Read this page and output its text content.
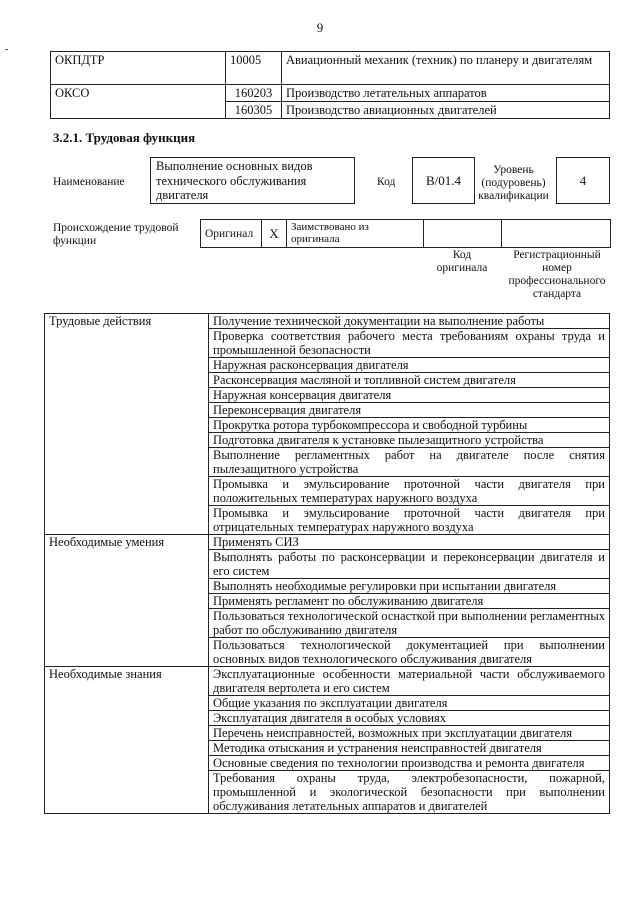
9
-
ОКПДТР	10005	Авиационный механик (техник) по планеру и двигателям
ОКСО	160203	Производство летательных аппаратов
	160305	Производство авиационных двигателей
3.2.1. Трудовая функция
Наименование
Выполнение основных видов технического обслуживания двигателя
Код B/01.4
Уровень (подуровень) квалификации
4
Происхождение трудовой функции
Оригинал	X	Заимствовано из оригинала		
Код оригинала
Регистрационный номер профессионального стандарта
Трудовые действия	Получение технической документации на выполнение работы
	Проверка соответствия рабочего места требованиям охраны труда и промышленной безопасности
	Наружная расконсервация двигателя
	Расконсервация масляной и топливной систем двигателя
	Наружная консервация двигателя
	Переконсервация двигателя
	Прокрутка ротора турбокомпрессора и свободной турбины
	Подготовка двигателя к установке пылезащитного устройства
	Выполнение регламентных работ на двигателе после снятия пылезащитного устройства
	Промывка и эмульсирование проточной части двигателя при положительных температурах наружного воздуха
	Промывка и эмульсирование проточной части двигателя при отрицательных температурах наружного воздуха
Необходимые умения	Применять СИЗ
	Выполнять работы по расконсервации и переконсервации двигателя и его систем
	Выполнять необходимые регулировки при испытании двигателя
	Применять регламент по обслуживанию двигателя
	Пользоваться технологической оснасткой при выполнении регламентных работ по обслуживанию двигателя
	Пользоваться технологической документацией при выполнении основных видов технологического обслуживания двигателя
Необходимые знания	Эксплуатационные особенности материальной части обслуживаемого двигателя вертолета и его систем
	Общие указания по эксплуатации двигателя
	Эксплуатация двигателя в особых условиях
	Перечень неисправностей, возможных при эксплуатации двигателя
	Методика отыскания и устранения неисправностей двигателя
	Основные сведения по технологии производства и ремонта двигателя
	Требования охраны труда, электробезопасности, пожарной, промышленной и экологической безопасности при выполнении обслуживания летательных аппаратов и двигателей
